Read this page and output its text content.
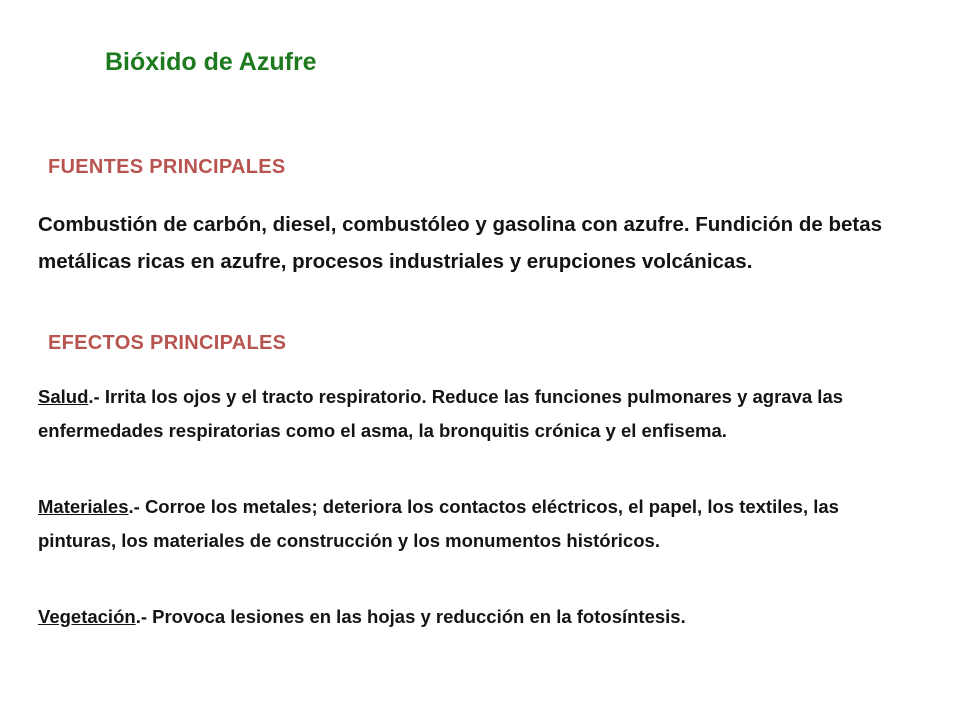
Bióxido de Azufre
FUENTES PRINCIPALES

Combustión de carbón, diesel, combustóleo y gasolina con azufre. Fundición de betas metálicas ricas en azufre, procesos industriales y erupciones volcánicas.

EFECTOS PRINCIPALES

Salud.- Irrita los ojos y el tracto respiratorio. Reduce las funciones pulmonares y agrava las enfermedades respiratorias como el asma, la bronquitis crónica y el enfisema.

Materiales.- Corroe los metales; deteriora los contactos eléctricos, el papel, los textiles, las pinturas, los materiales de construcción y los monumentos históricos.

Vegetación.- Provoca lesiones en las hojas y reducción en la fotosíntesis.
